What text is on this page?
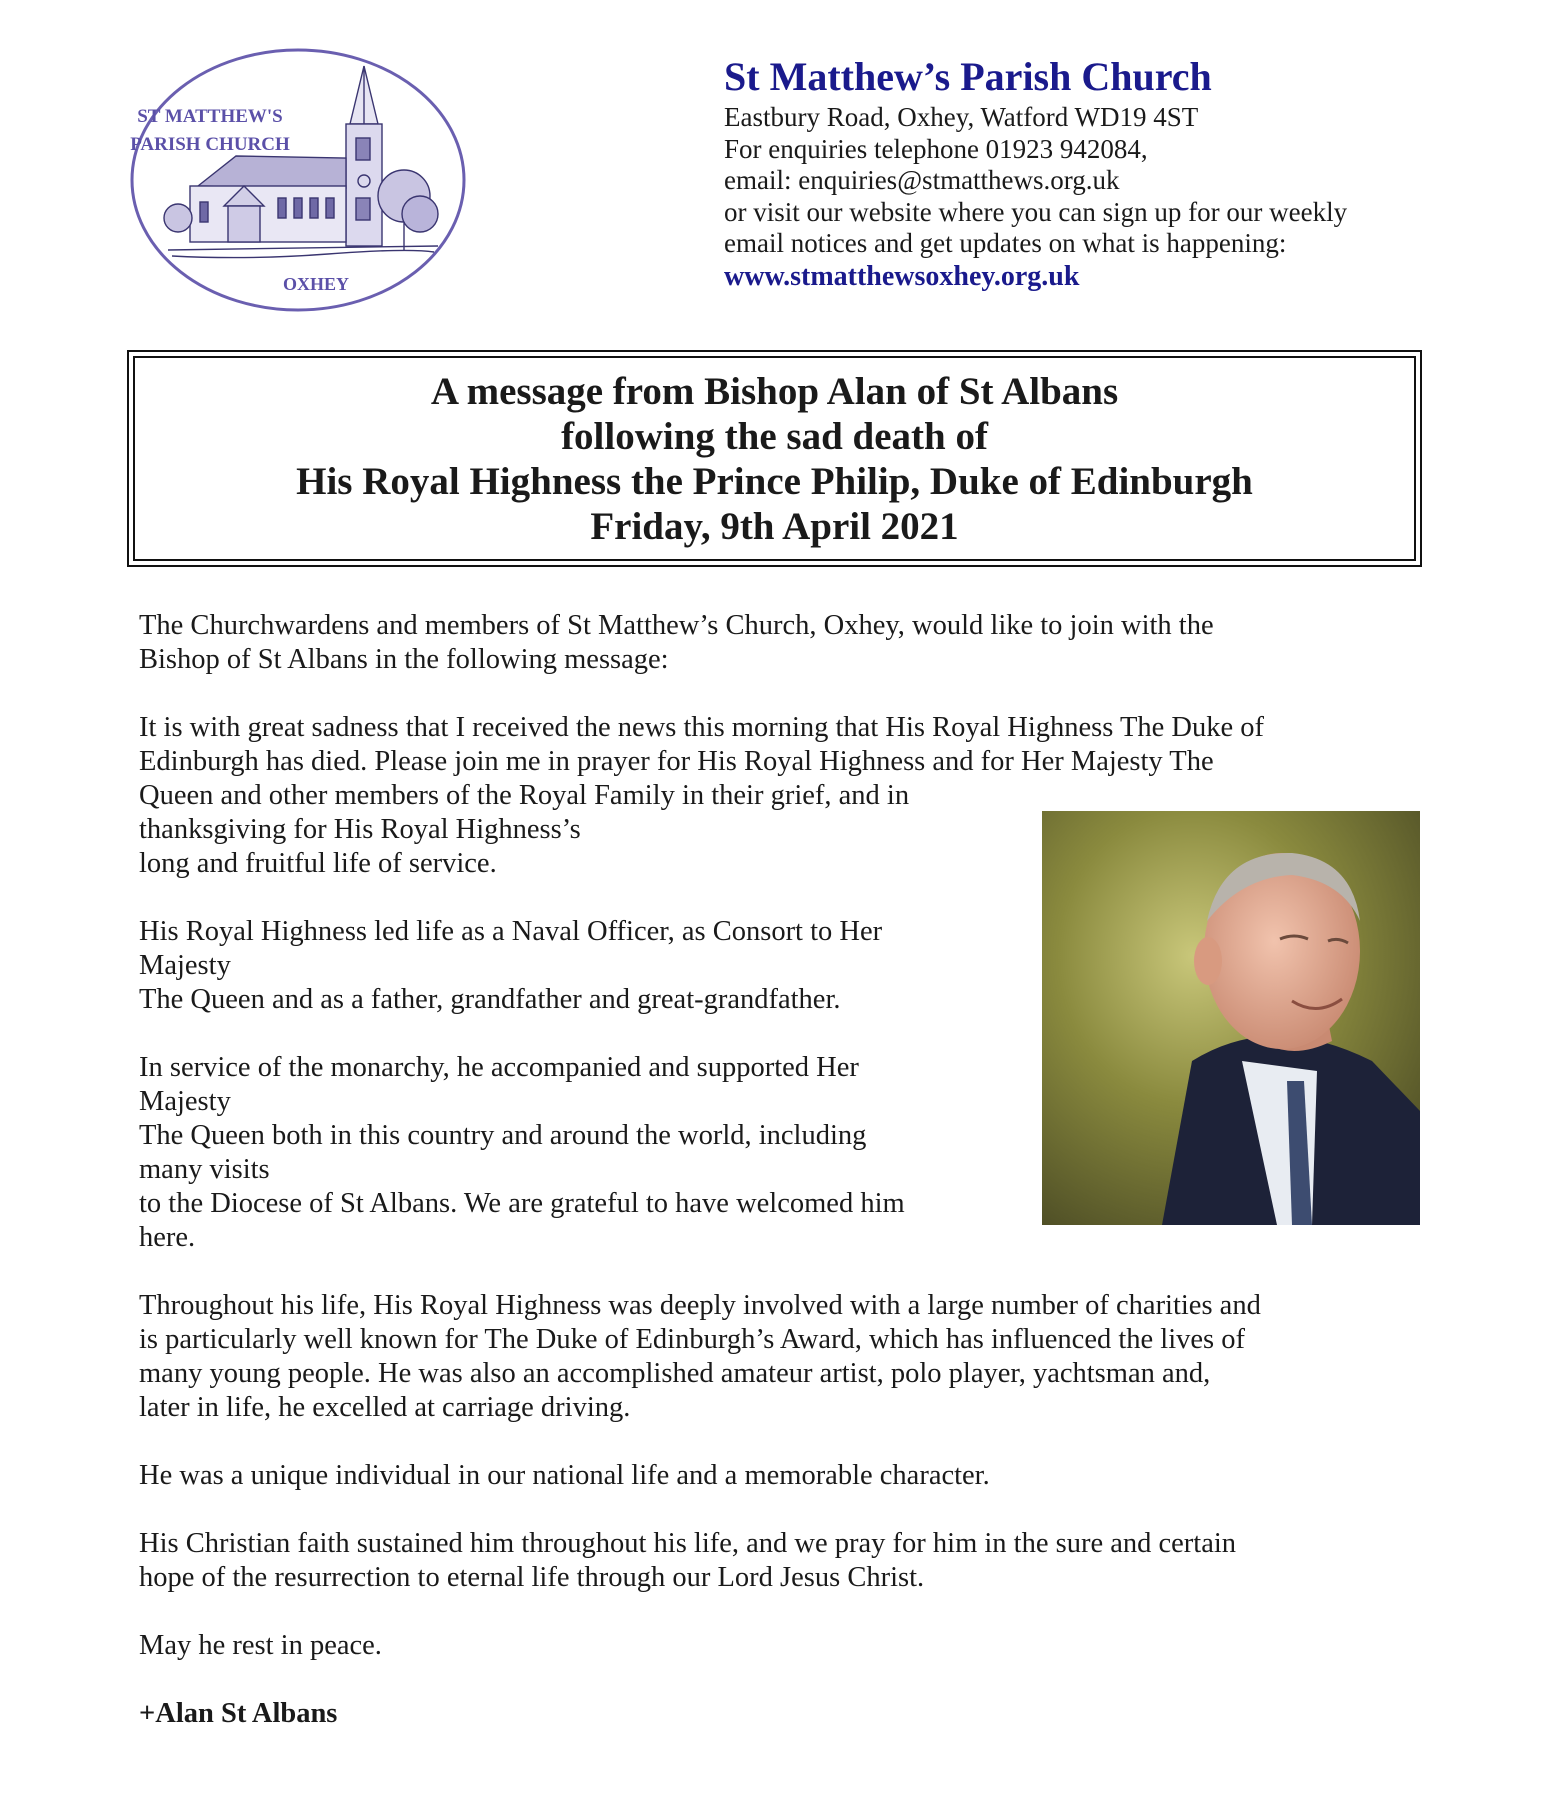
ST MATTHEW'S
PARISH CHURCH
OXHEY
St Matthew’s Parish Church
Eastbury Road, Oxhey, Watford WD19 4ST
For enquiries telephone 01923 942084,
email: enquiries@stmatthews.org.uk
or visit our website where you can sign up for our weekly
email notices and get updates on what is happening:
www.stmatthewsoxhey.org.uk
A message from Bishop Alan of St Albans
following the sad death of
His Royal Highness the Prince Philip, Duke of Edinburgh
Friday, 9th April 2021
The Churchwardens and members of St Matthew’s Church, Oxhey, would like to join with the
Bishop of St Albans in the following message:
It is with great sadness that I received the news this morning that His Royal Highness The Duke of
Edinburgh has died. Please join me in prayer for His Royal Highness and for Her Majesty The
Queen and other members of the Royal Family in their grief, and in
thanksgiving for His Royal Highness’s
long and fruitful life of service.
His Royal Highness led life as a Naval Officer, as Consort to Her
Majesty
The Queen and as a father, grandfather and great-grandfather.
In service of the monarchy, he accompanied and supported Her
Majesty
The Queen both in this country and around the world, including
many visits
to the Diocese of St Albans. We are grateful to have welcomed him
here.
Throughout his life, His Royal Highness was deeply involved with a large number of charities and
is particularly well known for The Duke of Edinburgh’s Award, which has influenced the lives of
many young people. He was also an accomplished amateur artist, polo player, yachtsman and,
later in life, he excelled at carriage driving.
He was a unique individual in our national life and a memorable character.
His Christian faith sustained him throughout his life, and we pray for him in the sure and certain
hope of the resurrection to eternal life through our Lord Jesus Christ.
May he rest in peace.
+Alan St Albans
